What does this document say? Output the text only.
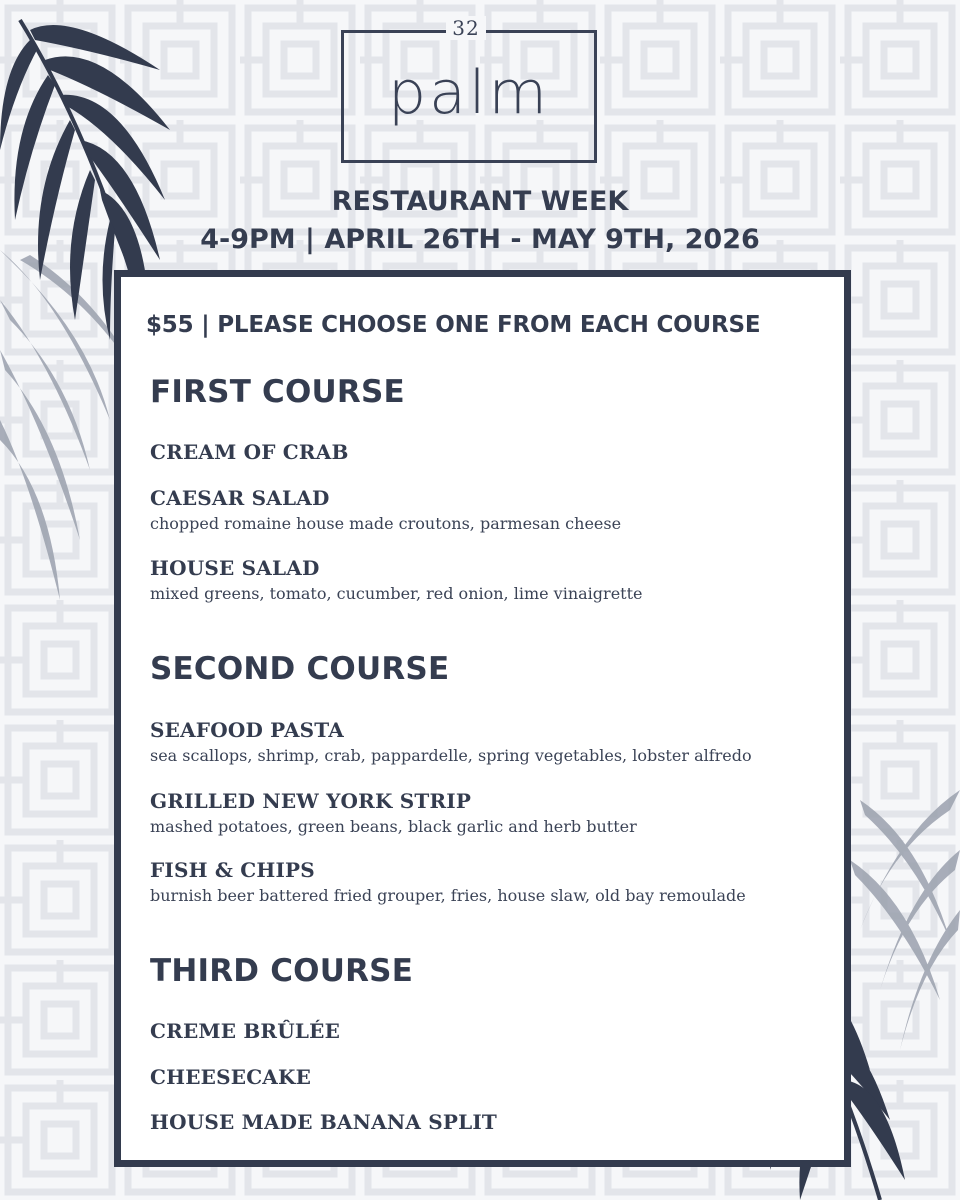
32
palm
RESTAURANT WEEK
4-9PM | APRIL 26TH - MAY 9TH, 2026
$55 | PLEASE CHOOSE ONE FROM EACH COURSE
FIRST COURSE
CREAM OF CRAB
CAESAR SALAD
chopped romaine house made croutons, parmesan cheese
HOUSE SALAD
mixed greens, tomato, cucumber, red onion, lime vinaigrette
SECOND COURSE
SEAFOOD PASTA
sea scallops, shrimp, crab, pappardelle, spring vegetables, lobster alfredo
GRILLED NEW YORK STRIP
mashed potatoes, green beans, black garlic and herb butter
FISH & CHIPS
burnish beer battered fried grouper, fries, house slaw, old bay remoulade
THIRD COURSE
CREME BRÛLÉE
CHEESECAKE
HOUSE MADE BANANA SPLIT
